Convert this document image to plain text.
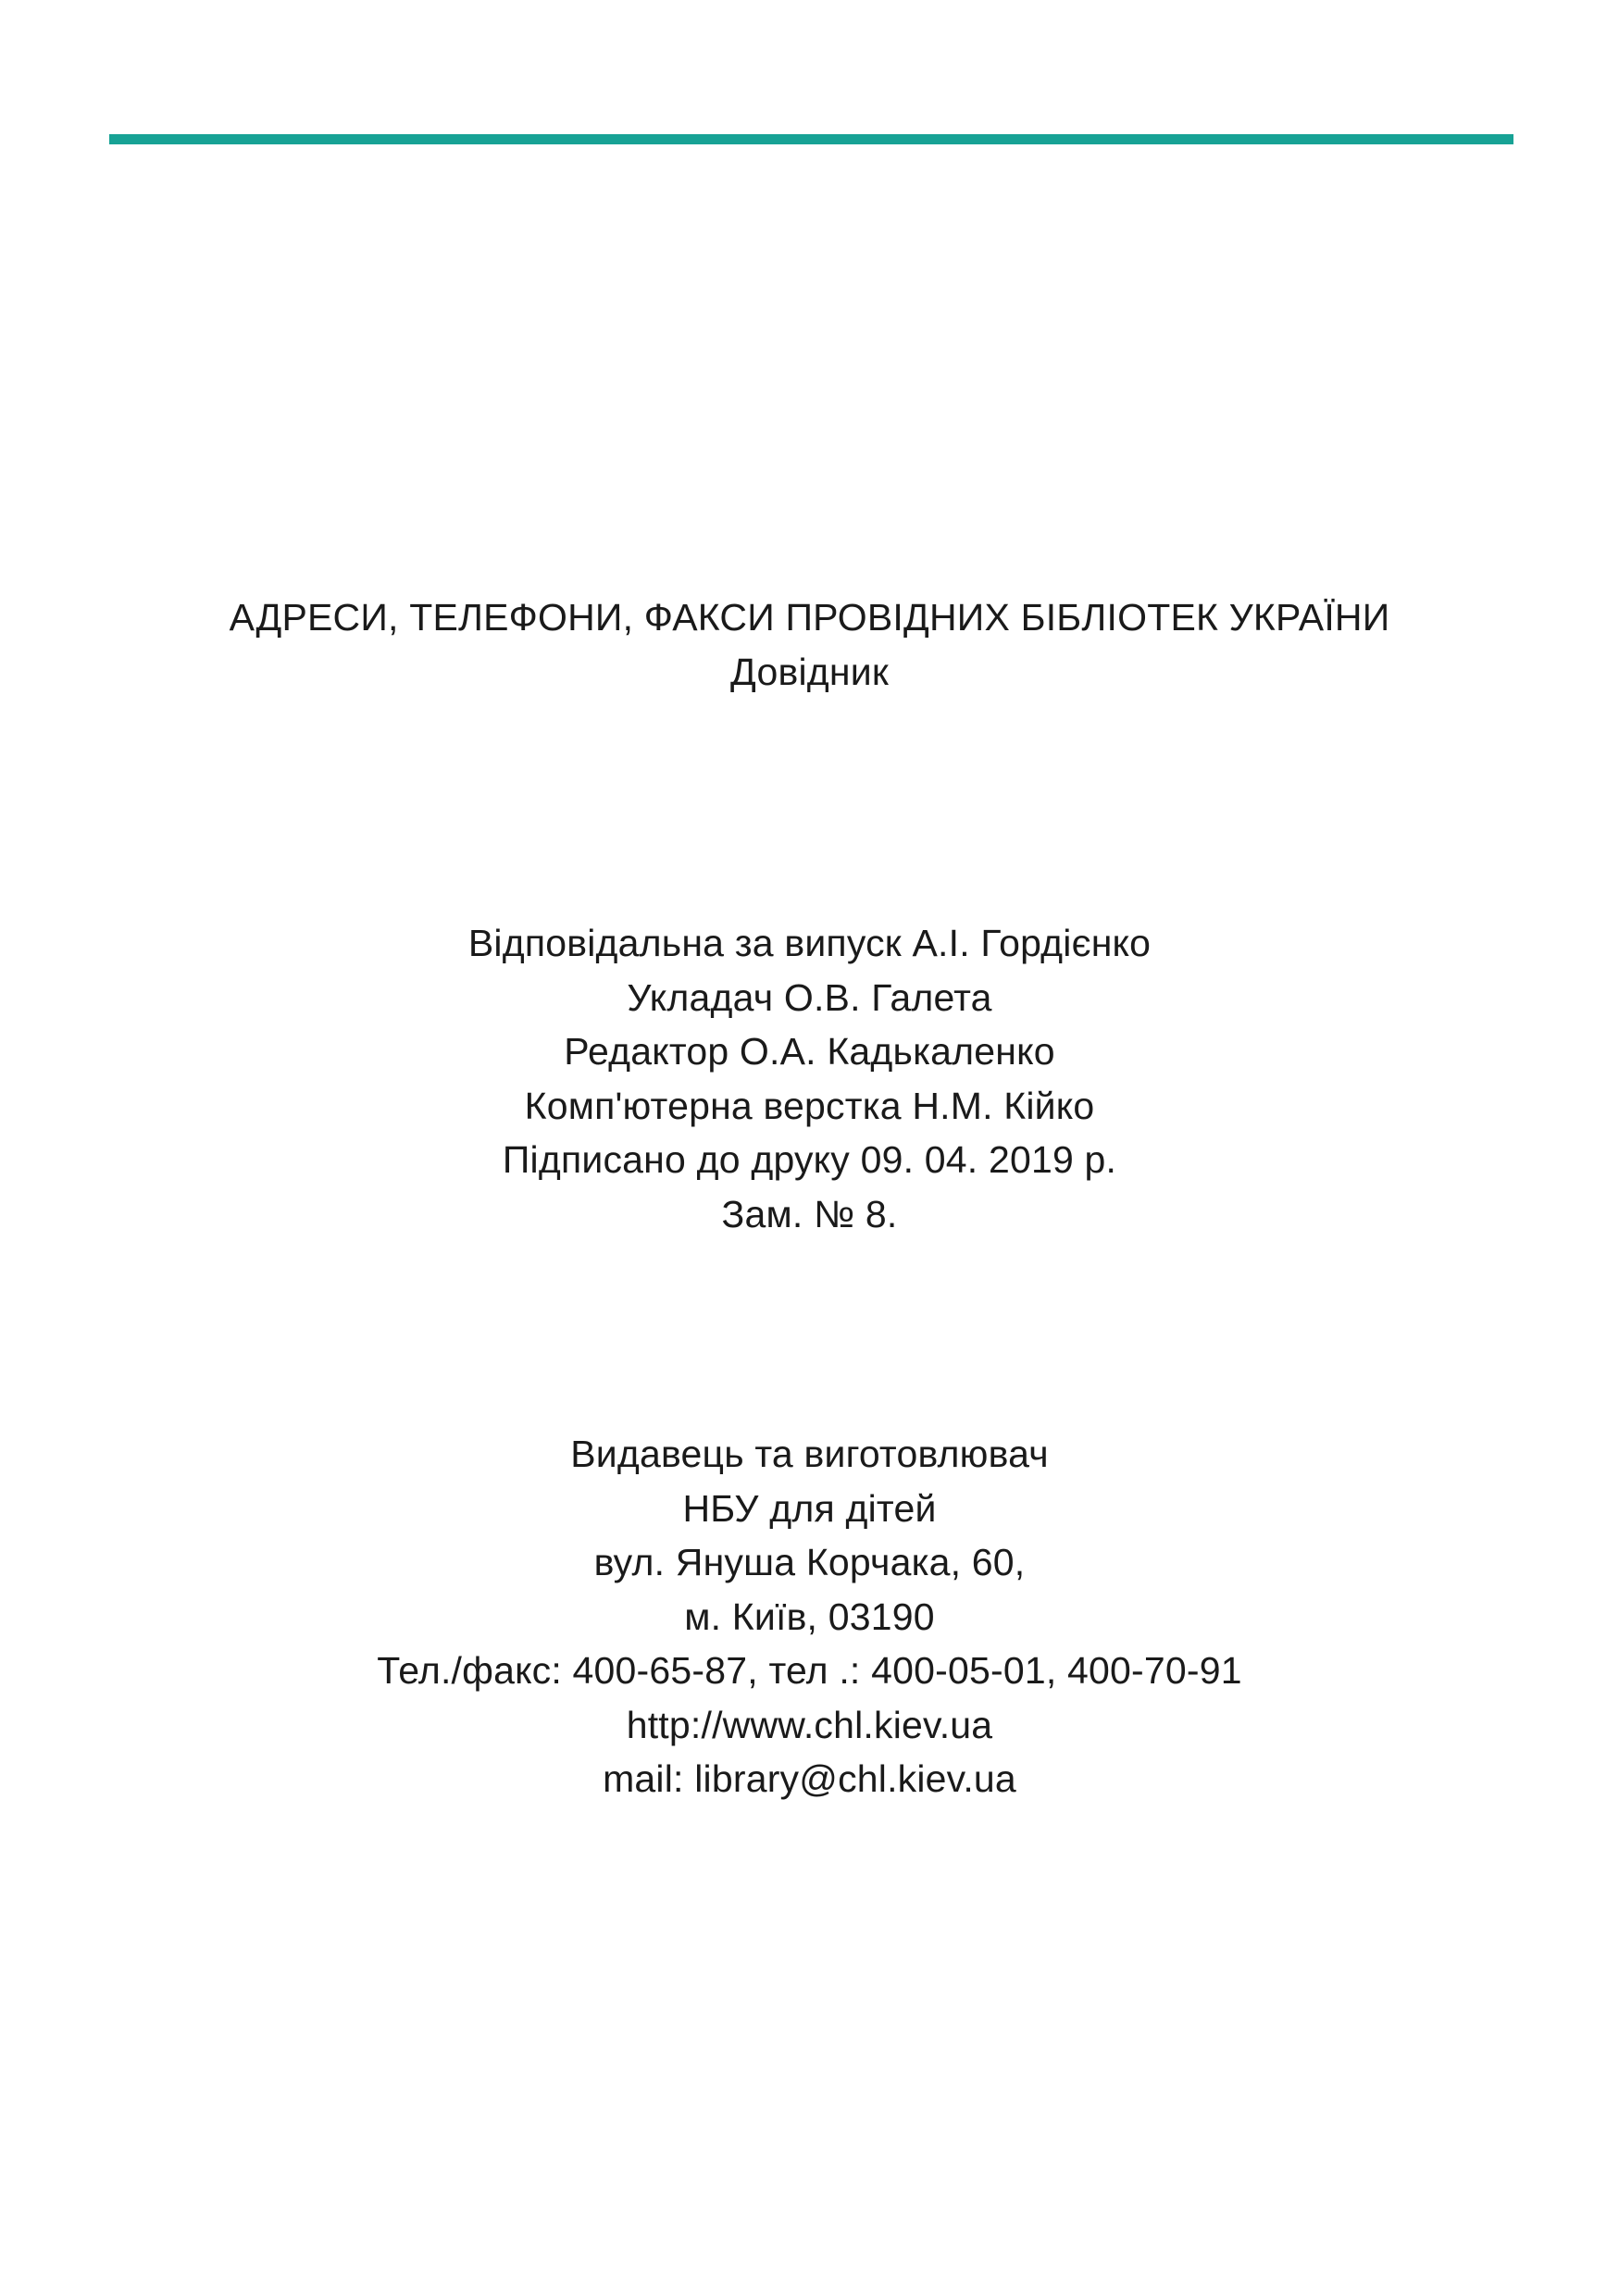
АДРЕСИ, ТЕЛЕФОНИ, ФАКСИ ПРОВІДНИХ БІБЛІОТЕК УКРАЇНИ
Довідник
Відповідальна за випуск А.І. Гордієнко
Укладач О.В. Галета
Редактор О.А. Кадькаленко
Комп'ютерна верстка Н.М. Кійко
Підписано до друку 09. 04. 2019 р.
Зам. № 8.
Видавець та виготовлювач
НБУ для дітей
вул. Януша Корчака, 60,
м. Київ, 03190
Тел./факс: 400-65-87, тел .: 400-05-01, 400-70-91
http://www.chl.kiev.ua
mail: library@chl.kiev.ua
